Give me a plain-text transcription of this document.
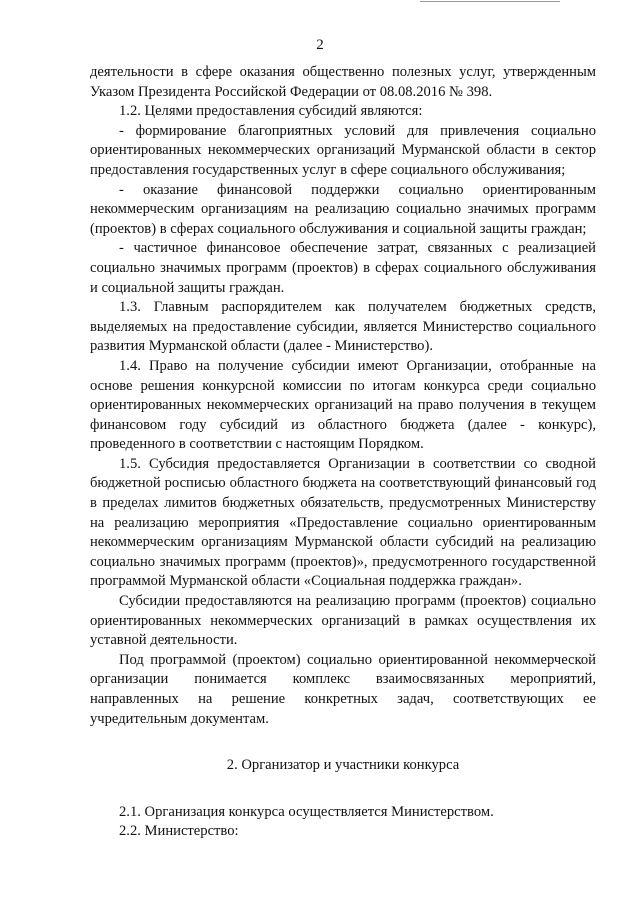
2

деятельности в сфере оказания общественно полезных услуг, утвержденным Указом Президента Российской Федерации от 08.08.2016 № 398.

1.2. Целями предоставления субсидий являются:

- формирование благоприятных условий для привлечения социально ориентированных некоммерческих организаций Мурманской области в сектор предоставления государственных услуг в сфере социального обслуживания;

- оказание финансовой поддержки социально ориентированным некоммерческим организациям на реализацию социально значимых программ (проектов) в сферах социального обслуживания и социальной защиты граждан;

- частичное финансовое обеспечение затрат, связанных с реализацией социально значимых программ (проектов) в сферах социального обслуживания и социальной защиты граждан.

1.3. Главным распорядителем как получателем бюджетных средств, выделяемых на предоставление субсидии, является Министерство социального развития Мурманской области (далее - Министерство).

1.4. Право на получение субсидии имеют Организации, отобранные на основе решения конкурсной комиссии по итогам конкурса среди социально ориентированных некоммерческих организаций на право получения в текущем финансовом году субсидий из областного бюджета (далее - конкурс), проведенного в соответствии с настоящим Порядком.

1.5. Субсидия предоставляется Организации в соответствии со сводной бюджетной росписью областного бюджета на соответствующий финансовый год в пределах лимитов бюджетных обязательств, предусмотренных Министерству на реализацию мероприятия «Предоставление социально ориентированным некоммерческим организациям Мурманской области субсидий на реализацию социально значимых программ (проектов)», предусмотренного государственной программой Мурманской области «Социальная поддержка граждан».

Субсидии предоставляются на реализацию программ (проектов) социально ориентированных некоммерческих организаций в рамках осуществления их уставной деятельности.

Под программой (проектом) социально ориентированной некоммерческой организации понимается комплекс взаимосвязанных мероприятий, направленных на решение конкретных задач, соответствующих ее учредительным документам.

2. Организатор и участники конкурса

2.1. Организация конкурса осуществляется Министерством.

2.2. Министерство:
